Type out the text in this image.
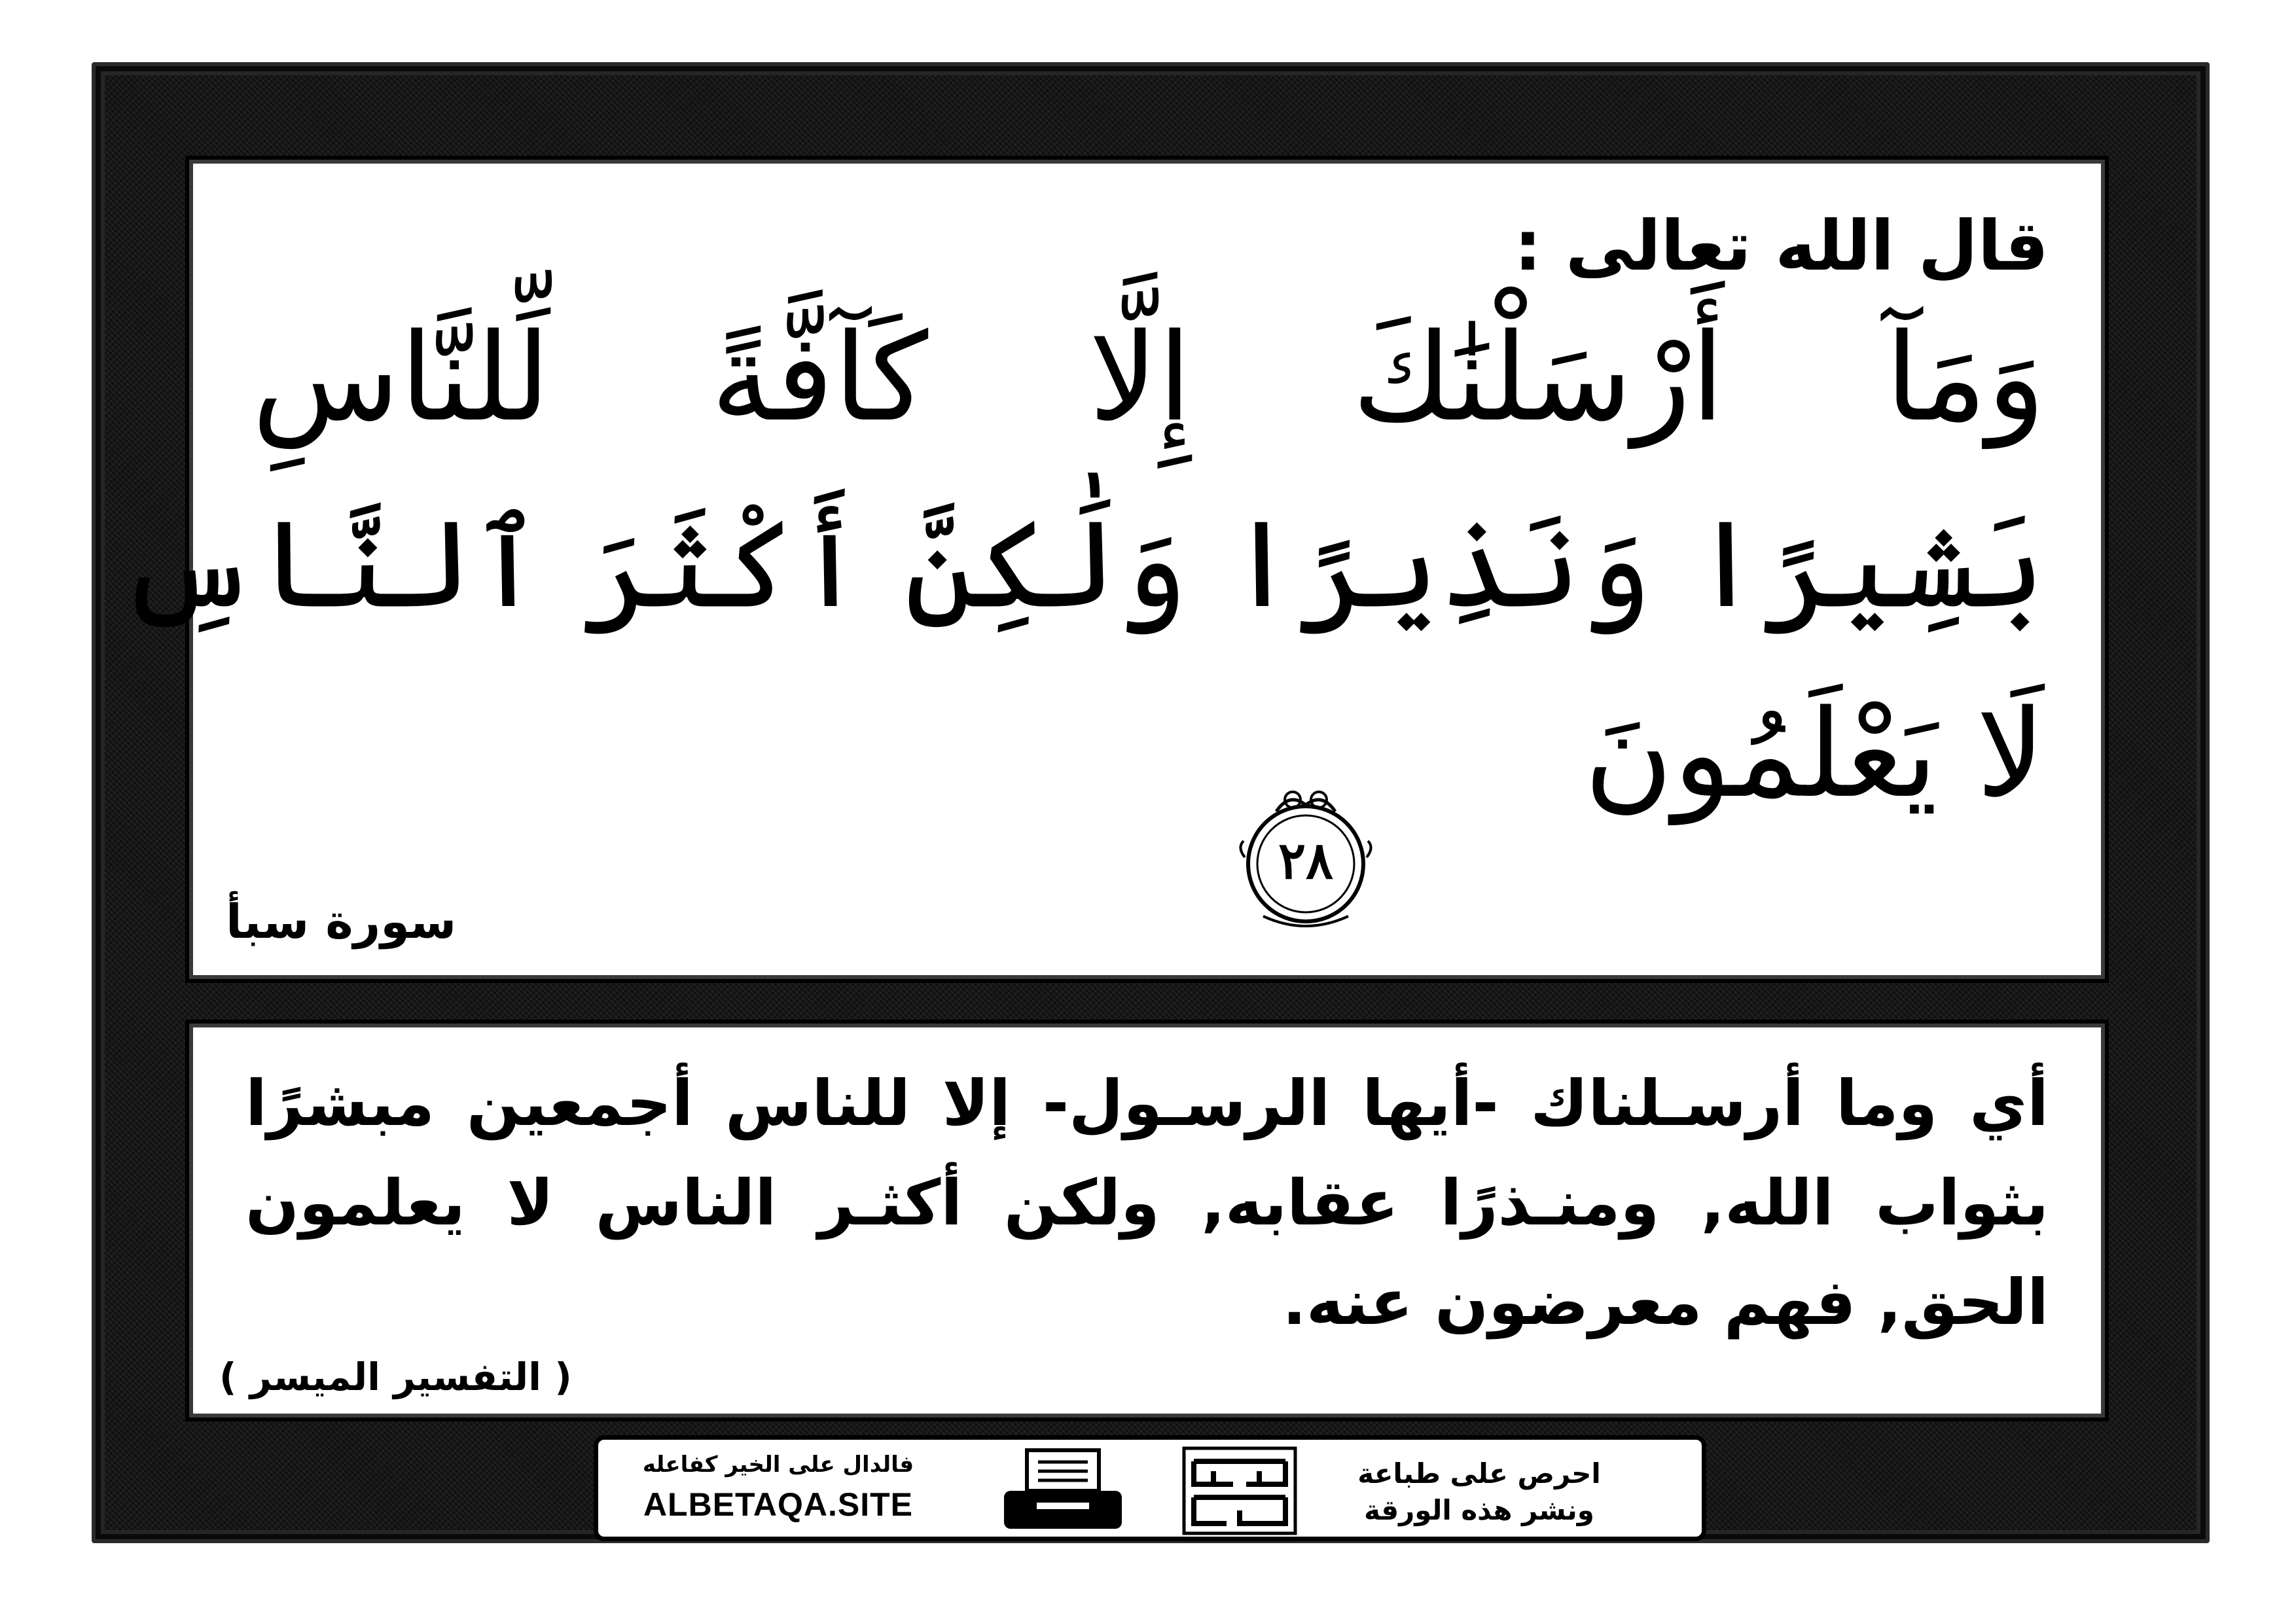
قال الله تعالى :
وَمَآ أَرْسَلْنَٰكَ إِلَّا كَآفَّةً لِّلنَّاسِ
بَشِيرًا وَنَذِيرًا وَلَٰكِنَّ أَكْثَرَ ٱلنَّاسِ
لَا يَعْلَمُونَ
٢٨
سورة سبأ
أي وما أرسـلناك -أيها الرسـول- إلا للناس أجمعين مبشرًا بثواب الله, ومنـذرًا عقابه, ولكن أكثـر الناس لا يعلمون الحق, فهم معرضون عنه.
( التفسير الميسر )
فالدال على الخير كفاعله
ALBETAQA.SITE
دعوة الورقة
احرص على طباعة
ونشر هذه الورقة
